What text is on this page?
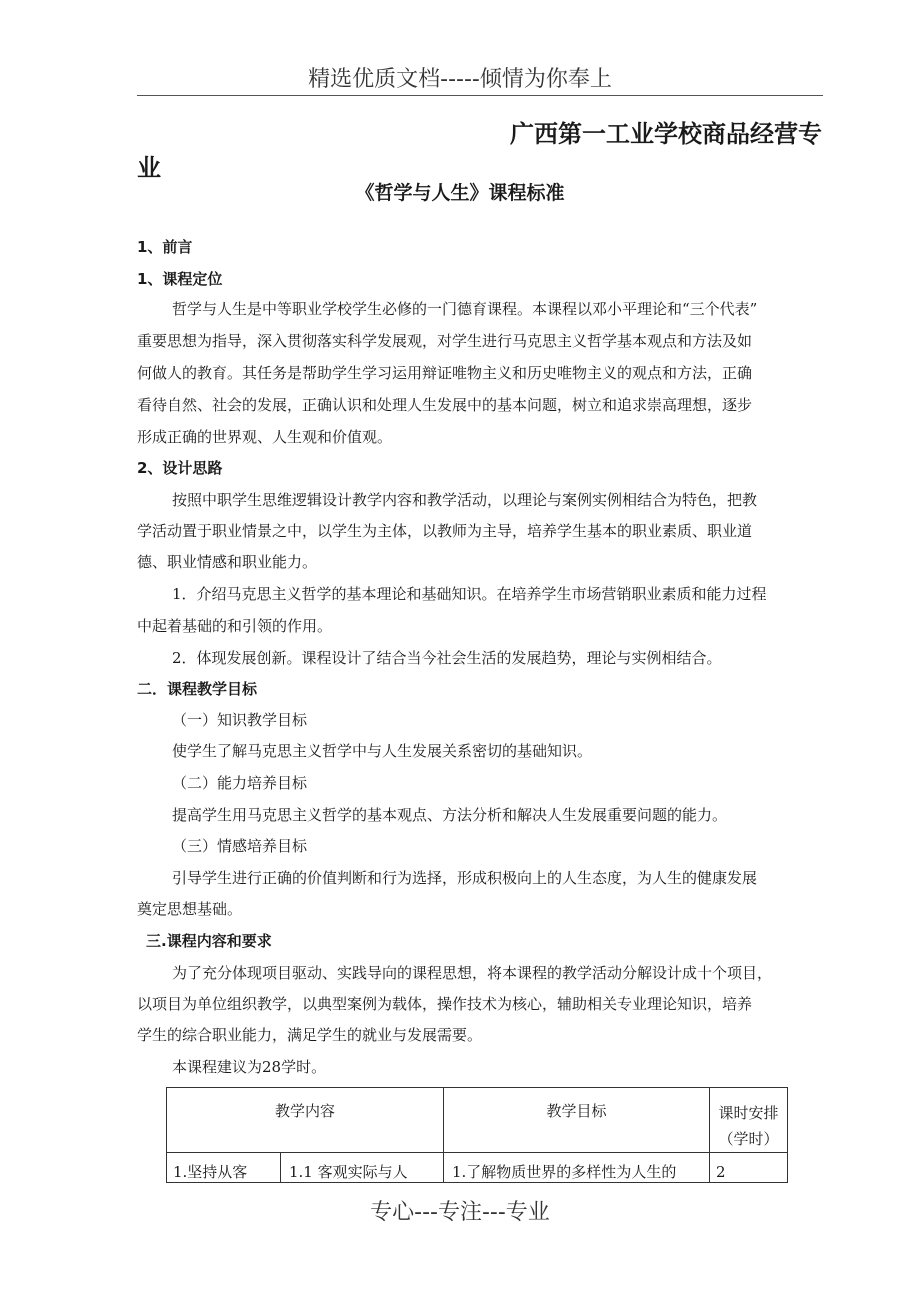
精选优质文档-----倾情为你奉上
广西第一工业学校商品经营专
业
《哲学与人生》课程标准
1、前言
1、课程定位
哲学与人生是中等职业学校学生必修的一门德育课程。本课程以邓小平理论和“三个代表”
重要思想为指导，深入贯彻落实科学发展观，对学生进行马克思主义哲学基本观点和方法及如
何做人的教育。其任务是帮助学生学习运用辩证唯物主义和历史唯物主义的观点和方法，正确
看待自然、社会的发展，正确认识和处理人生发展中的基本问题，树立和追求崇高理想，逐步
形成正确的世界观、人生观和价值观。
2、设计思路
按照中职学生思维逻辑设计教学内容和教学活动，以理论与案例实例相结合为特色，把教
学活动置于职业情景之中，以学生为主体，以教师为主导，培养学生基本的职业素质、职业道
德、职业情感和职业能力。
1．介绍马克思主义哲学的基本理论和基础知识。在培养学生市场营销职业素质和能力过程
中起着基础的和引领的作用。
2．体现发展创新。课程设计了结合当今社会生活的发展趋势，理论与实例相结合。
二．课程教学目标
（一）知识教学目标
使学生了解马克思主义哲学中与人生发展关系密切的基础知识。
（二）能力培养目标
提高学生用马克思主义哲学的基本观点、方法分析和解决人生发展重要问题的能力。
（三）情感培养目标
引导学生进行正确的价值判断和行为选择，形成积极向上的人生态度，为人生的健康发展
奠定思想基础。
三.课程内容和要求
为了充分体现项目驱动、实践导向的课程思想，将本课程的教学活动分解设计成十个项目，
以项目为单位组织教学，以典型案例为载体，操作技术为核心，辅助相关专业理论知识，培养
学生的综合职业能力，满足学生的就业与发展需要。
本课程建议为28学时。
教学内容		教学目标	课时安排
（学时）

1.坚持从客	1.1 客观实际与人	1.了解物质世界的多样性为人生的	2
专心---专注---专业
